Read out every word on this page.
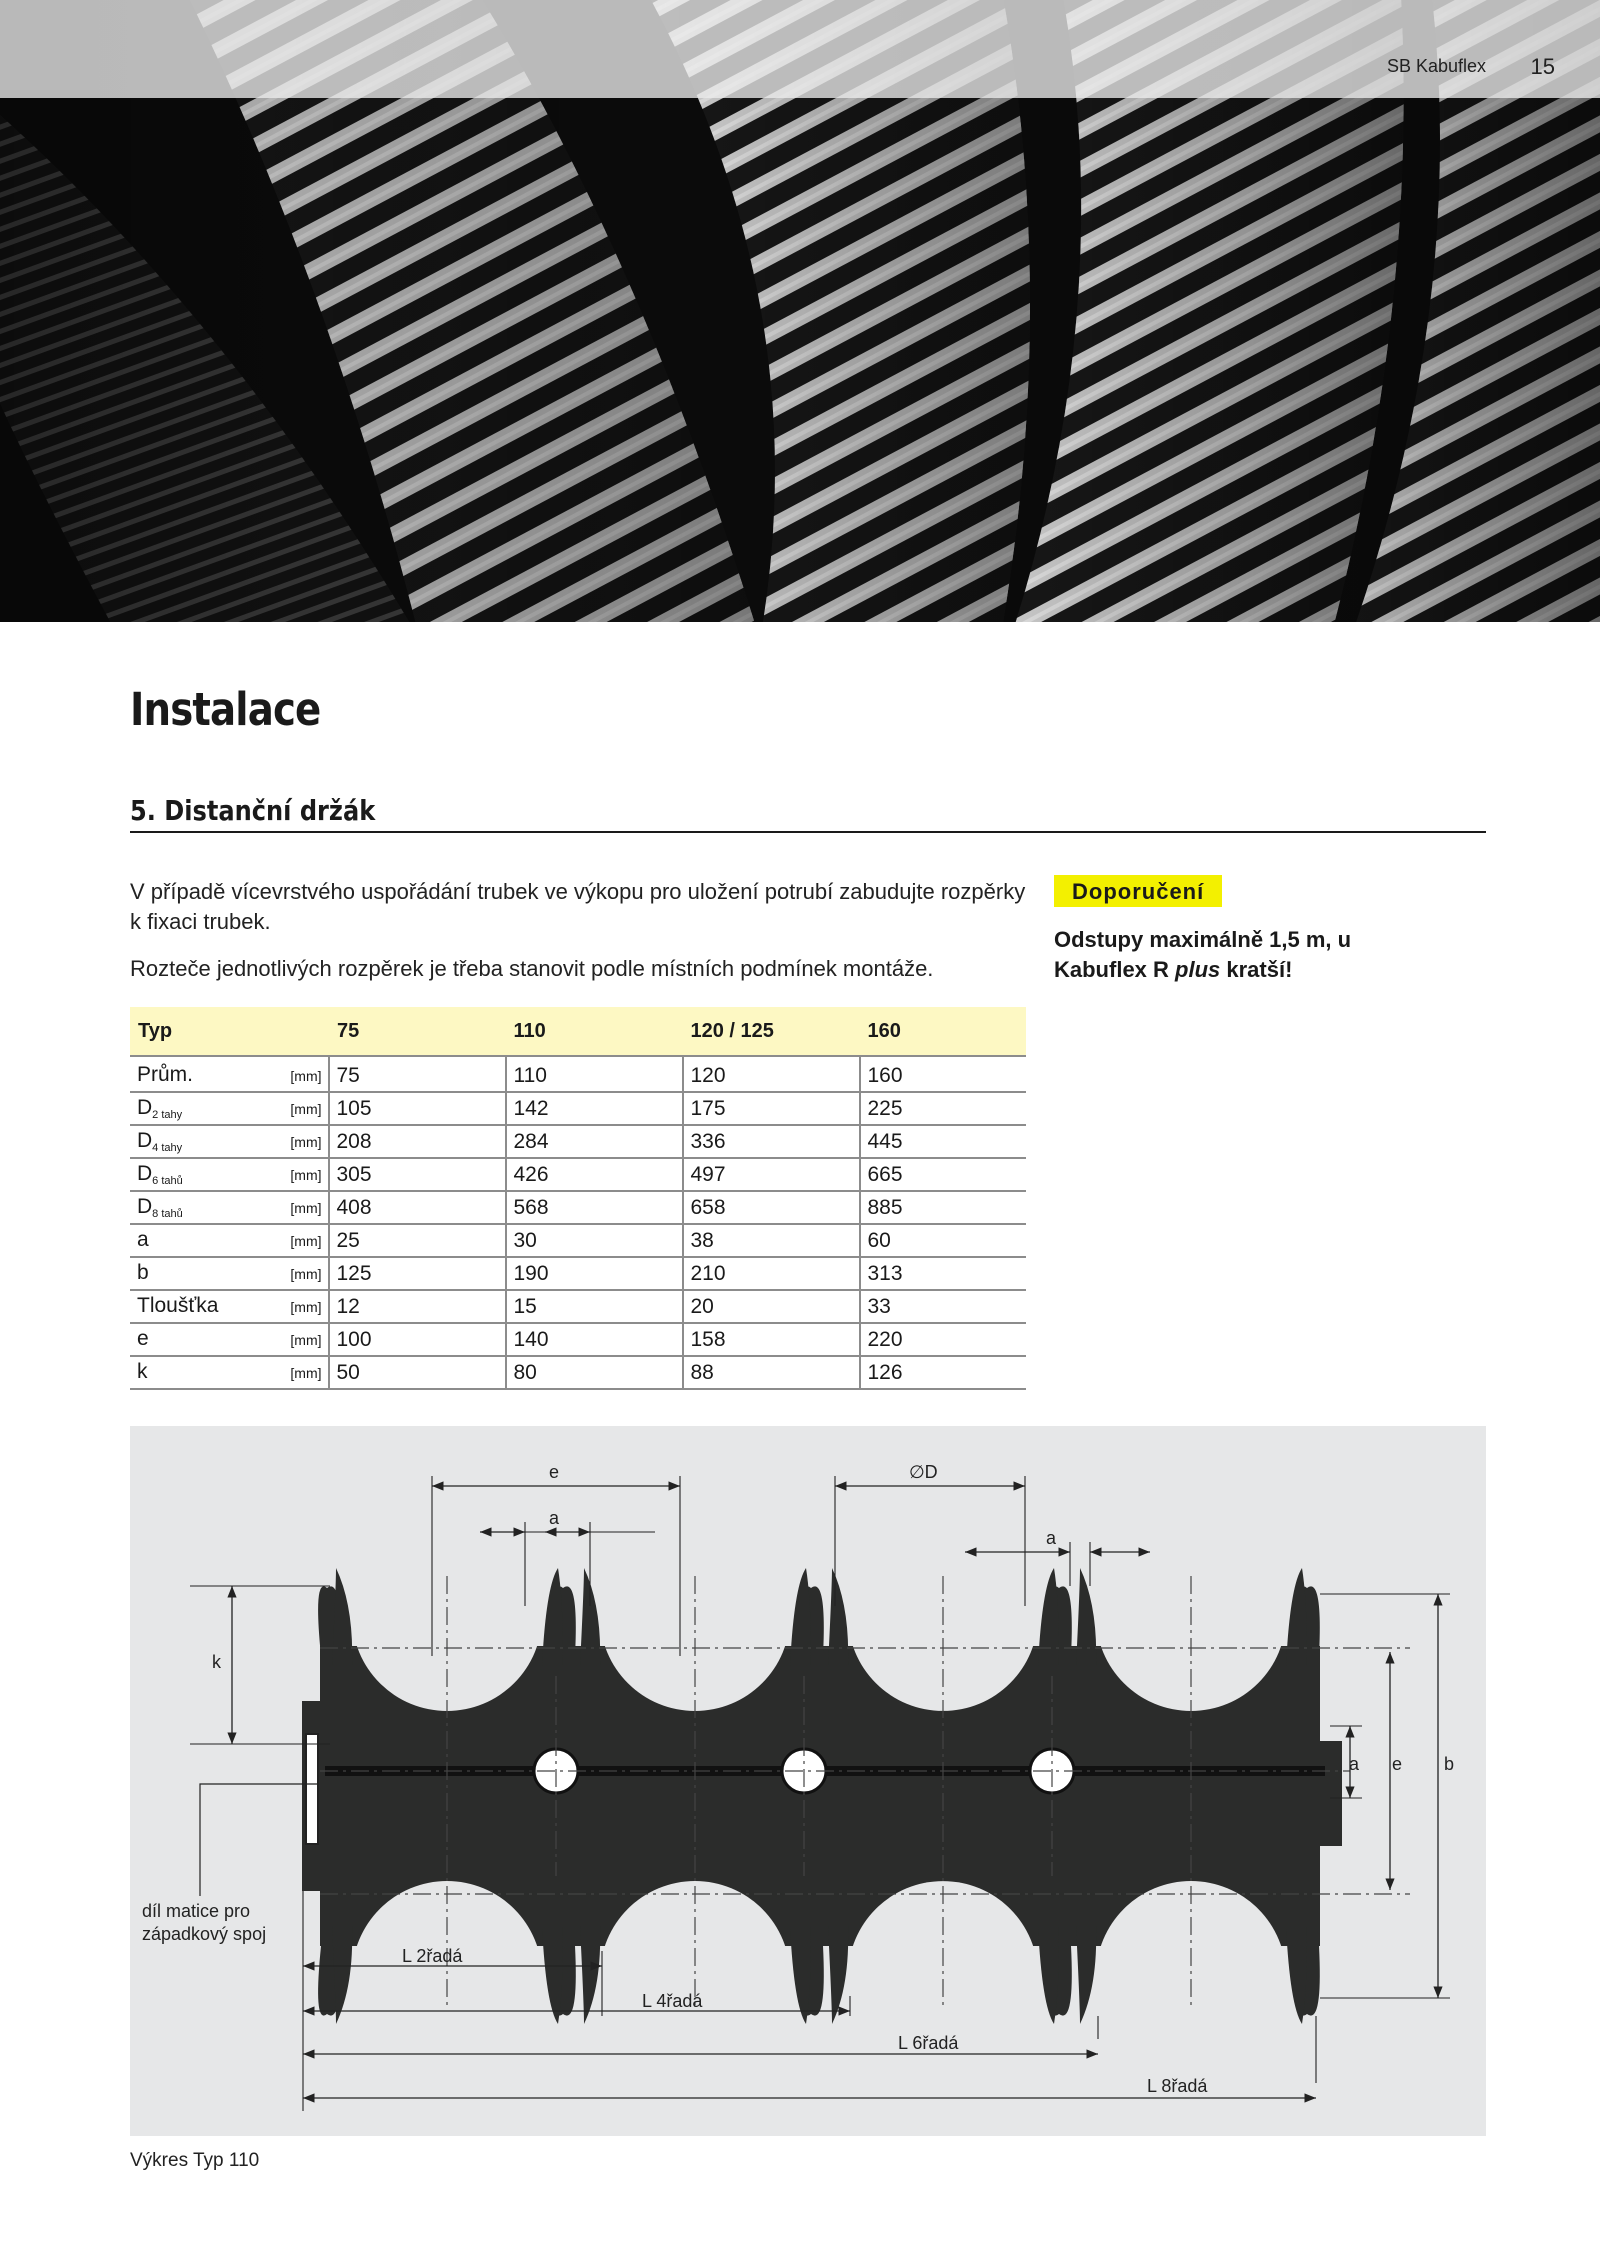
SB Kabuflex 15
Instalace
5. Distanční držák

V případě vícevrstvého uspořádání trubek ve výkopu pro uložení potrubí zabudujte rozpěrky k fixaci trubek.

Rozteče jednotlivých rozpěrek je třeba stanovit podle místních podmínek montáže.

Doporučení

Odstupy maximálně 1,5 m, u Kabuflex R plus kratší!

Typ		75	110	120 / 125	160
Prům.	[mm]	75	110	120	160
$D_{2 tahy}$	[mm]	105	142	175	225
$D_{4 tahy}$	[mm]	208	284	336	445
$D_{6 tahů}$	[mm]	305	426	497	665
$D_{8 tahů}$	[mm]	408	568	658	885
a	[mm]	25	30	38	60
b	[mm]	125	190	210	313
Tloušťka	[mm]	12	15	20	33
e	[mm]	100	140	158	220
k	[mm]	50	80	88	126
e
a
∅D
a
k
a e b
díl matice pro západkový spoj
L 2řadá
L 4řadá
L 6řadá
L 8řadá
Výkres Typ 110
